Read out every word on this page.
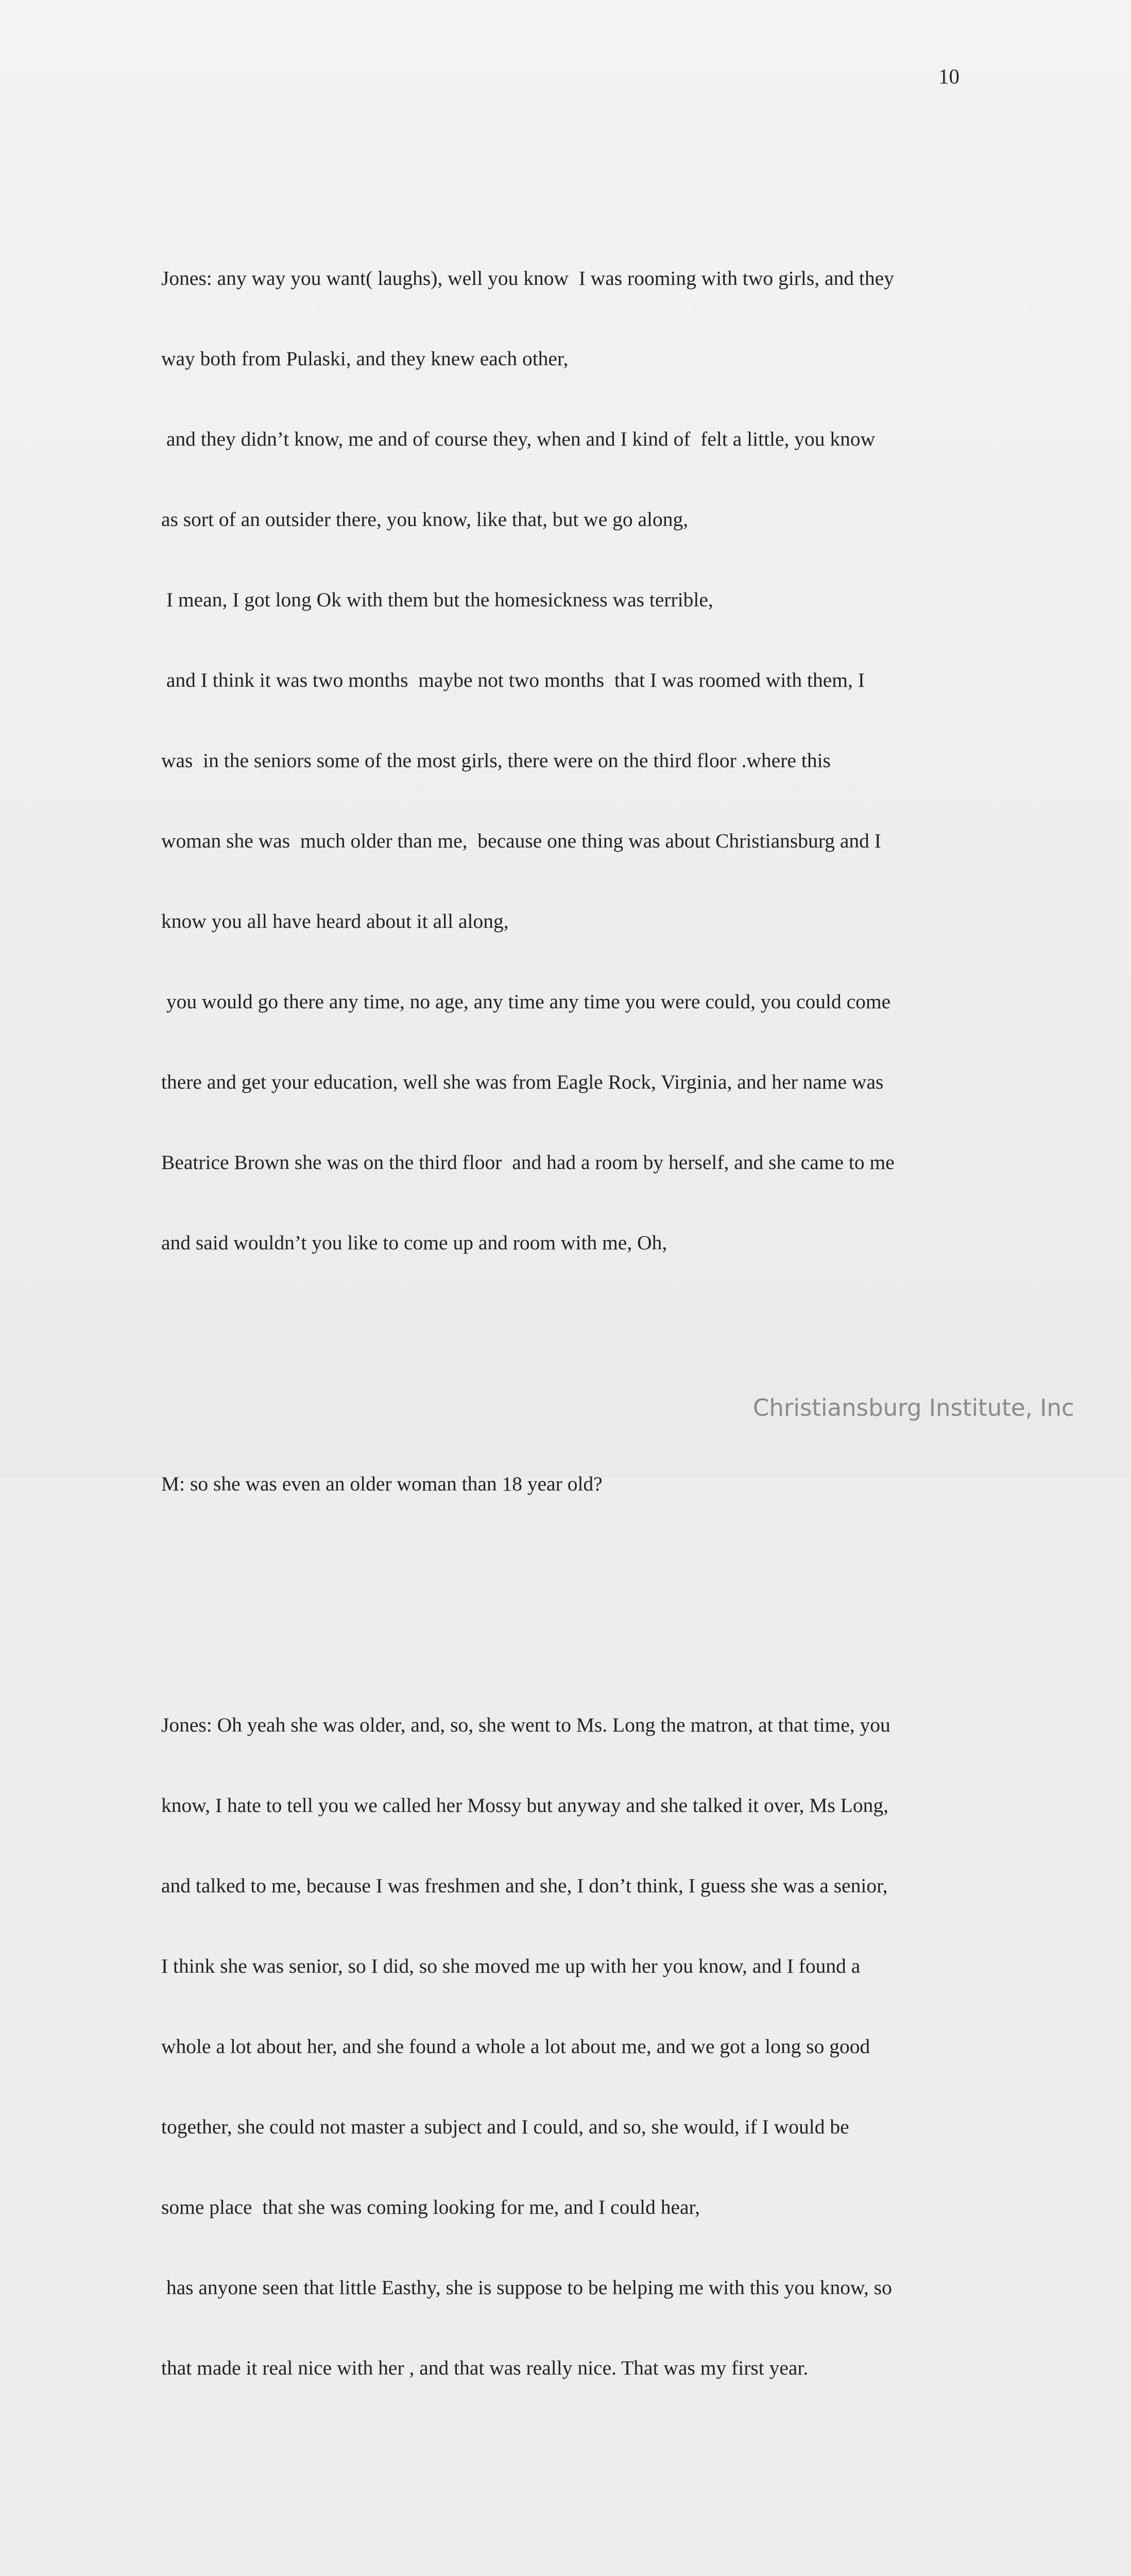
10

Jones: any way you want( laughs), well you know  I was rooming with two girls, and they

way both from Pulaski, and they knew each other,

and they didn’t know, me and of course they, when and I kind of  felt a little, you know

as sort of an outsider there, you know, like that, but we go along,

I mean, I got long Ok with them but the homesickness was terrible,

and I think it was two months  maybe not two months  that I was roomed with them, I

was  in the seniors some of the most girls, there were on the third floor .where this

woman she was  much older than me,  because one thing was about Christiansburg and I

know you all have heard about it all along,

you would go there any time, no age, any time any time you were could, you could come

there and get your education, well she was from Eagle Rock, Virginia, and her name was

Beatrice Brown she was on the third floor  and had a room by herself, and she came to me

and said wouldn’t you like to come up and room with me, Oh,

M: so she was even an older woman than 18 year old?

Jones: Oh yeah she was older, and, so, she went to Ms. Long the matron, at that time, you

know, I hate to tell you we called her Mossy but anyway and she talked it over, Ms Long,

and talked to me, because I was freshmen and she, I don’t think, I guess she was a senior,

I think she was senior, so I did, so she moved me up with her you know, and I found a

whole a lot about her, and she found a whole a lot about me, and we got a long so good

together, she could not master a subject and I could, and so, she would, if I would be

some place  that she was coming looking for me, and I could hear,

has anyone seen that little Easthy, she is suppose to be helping me with this you know, so

that made it real nice with her , and that was really nice. That was my first year.

Christiansburg Institute, Inc
